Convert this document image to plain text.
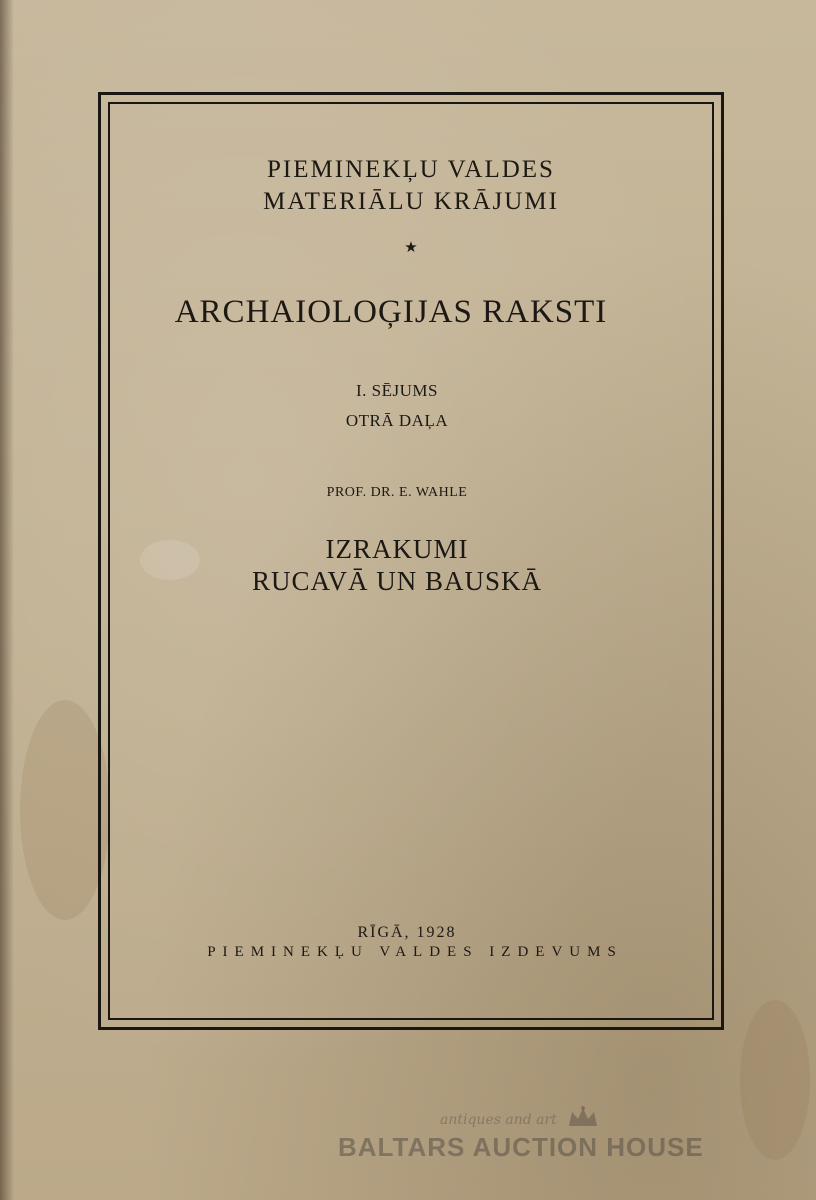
PIEMINEKĻU VALDES
MATERIĀLU KRĀJUMI
★
ARCHAIOLOĢIJAS RAKSTI
I. SĒJUMS
OTRĀ DAĻA
PROF. DR. E. WAHLE
IZRAKUMI
RUCAVĀ UN BAUSKĀ
RĪGĀ, 1928
PIEMINEKĻU VALDES IZDEVUMS
antiques and art
BALTARS AUCTION HOUSE
